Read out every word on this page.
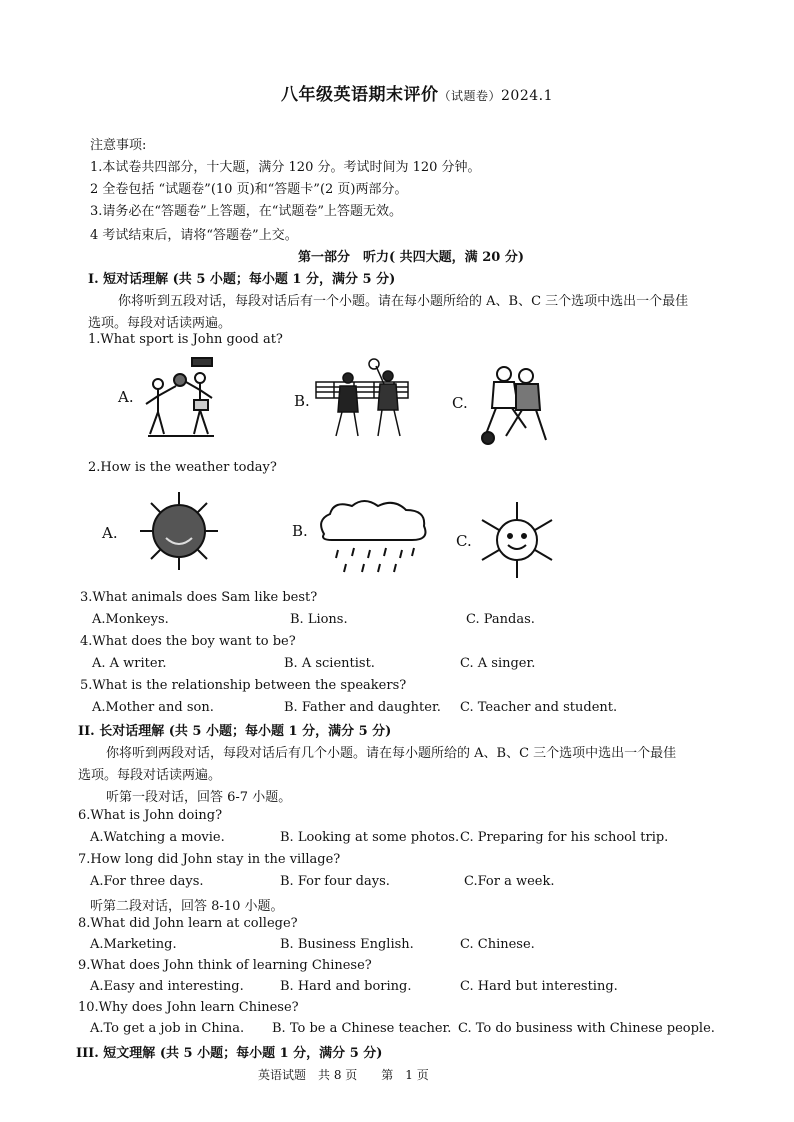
八年级英语期末评价（试题卷）2024.1
注意事项:
1.本试卷共四部分，十大题，满分 120 分。考试时间为 120 分钟。
2 全卷包括 “试题卷”(10 页)和“答题卡”(2 页)两部分。
3.请务必在“答题卷”上答题，在“试题卷”上答题无效。
4 考试结束后，请将“答题卷”上交。
第一部分　听力( 共四大题，满 20 分)
I. 短对话理解 (共 5 小题；每小题 1 分，满分 5 分)
你将听到五段对话，每段对话后有一个小题。请在每小题所给的 A、B、C 三个选项中选出一个最佳
选项。每段对话读两遍。
1.What sport is John good at?
A.	B.	C.
2.How is the weather today?
A.	B.
C.
3.What animals does Sam like best?
A.Monkeys.	B. Lions.	C. Pandas.
4.What does the boy want to be?
A. A writer.	B. A scientist.	C. A singer.
5.What is the relationship between the speakers?
A.Mother and son.	B. Father and daughter. C. Teacher and student.
II. 长对话理解 (共 5 小题；每小题 1 分，满分 5 分)
你将听到两段对话，每段对话后有几个小题。请在每小题所给的 A、B、C 三个选项中选出一个最佳
选项。每段对话读两遍。
听第一段对话，回答 6-7 小题。
6.What is John doing?
A.Watching a movie.	B. Looking at some photos. C. Preparing for his school trip.
7.How long did John stay in the village?
A.For three days.	B. For four days.	C.For a week.
听第二段对话，回答 8-10 小题。
8.What did John learn at college?
A.Marketing.	B. Business English.	C. Chinese.
9.What does John think of learning Chinese?
A.Easy and interesting.	B. Hard and boring.	C. Hard but interesting.
10.Why does John learn Chinese?
A.To get a job in China. B. To be a Chinese teacher. C. To do business with Chinese people.
III. 短文理解 (共 5 小题；每小题 1 分，满分 5 分)
英语试题　共 8 页　　第　1 页
